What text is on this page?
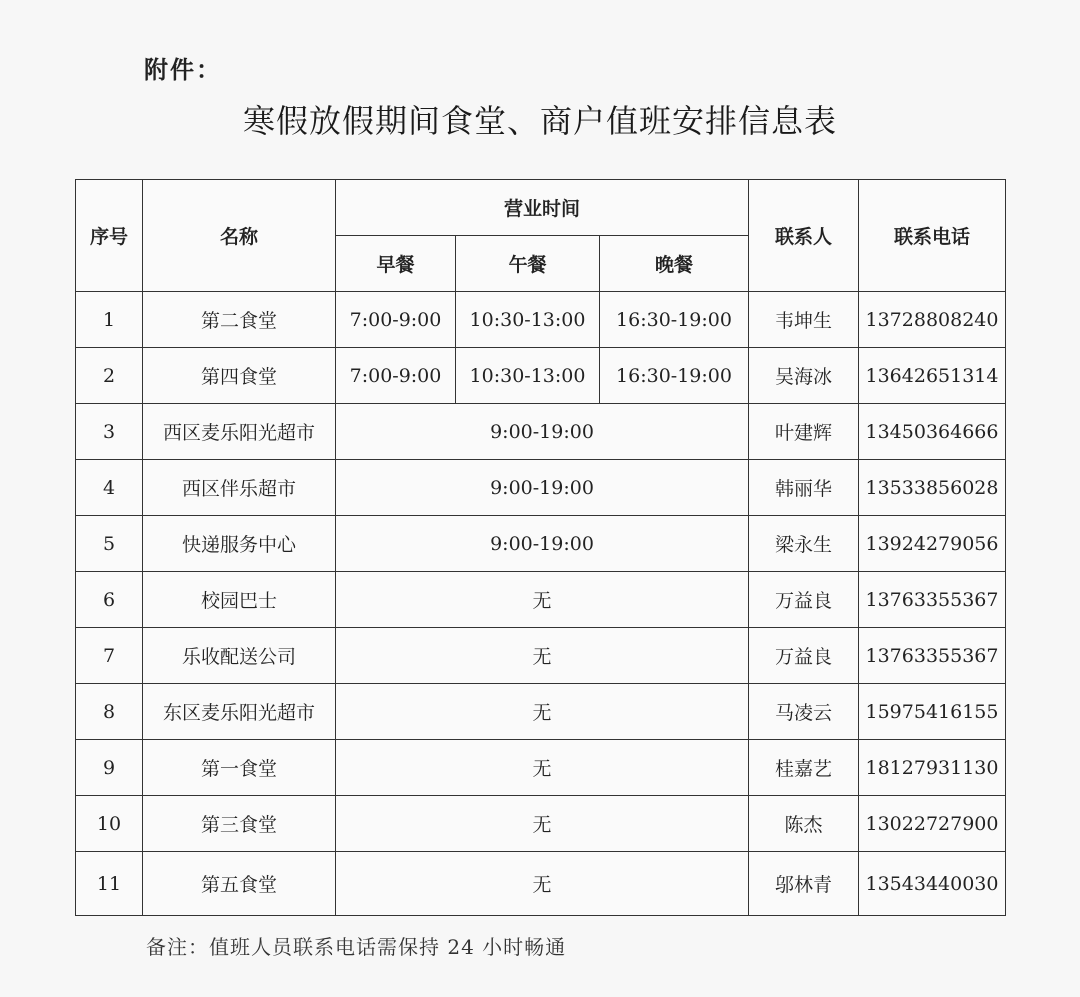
附件：
寒假放假期间食堂、商户值班安排信息表
序号	名称	营业时间			联系人	联系电话
		早餐	午餐	晚餐		
1	第二食堂	7:00-9:00	10:30-13:00	16:30-19:00	韦坤生	13728808240
2	第四食堂	7:00-9:00	10:30-13:00	16:30-19:00	吴海冰	13642651314
3	西区麦乐阳光超市	9:00-19:00			叶建辉	13450364666
4	西区伴乐超市	9:00-19:00			韩丽华	13533856028
5	快递服务中心	9:00-19:00			梁永生	13924279056
6	校园巴士	无			万益良	13763355367
7	乐收配送公司	无			万益良	13763355367
8	东区麦乐阳光超市	无			马凌云	15975416155
9	第一食堂	无			桂嘉艺	18127931130
10	第三食堂	无			陈杰	13022727900
11	第五食堂	无			邬林青	13543440030
备注：值班人员联系电话需保持 24 小时畅通
